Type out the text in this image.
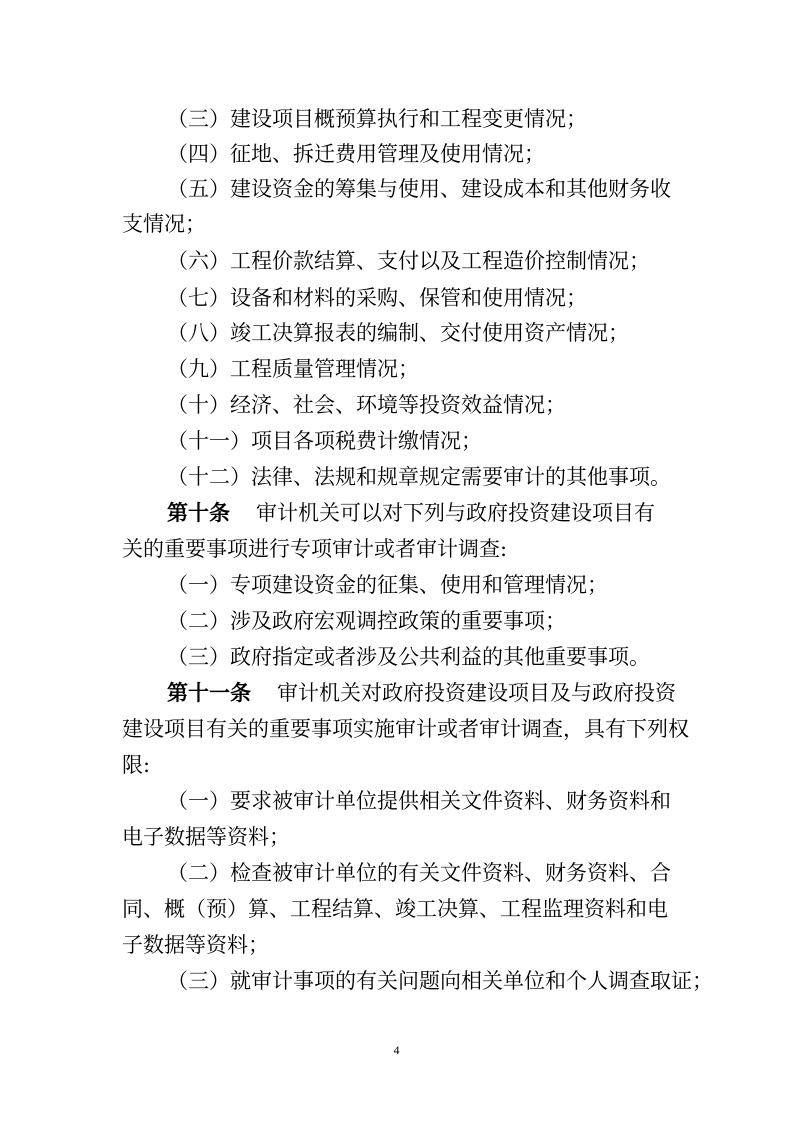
（三）建设项目概预算执行和工程变更情况；
（四）征地、拆迁费用管理及使用情况；
（五）建设资金的筹集与使用、建设成本和其他财务收
支情况；
（六）工程价款结算、支付以及工程造价控制情况；
（七）设备和材料的采购、保管和使用情况；
（八）竣工决算报表的编制、交付使用资产情况；
（九）工程质量管理情况；
（十）经济、社会、环境等投资效益情况；
（十一）项目各项税费计缴情况；
（十二）法律、法规和规章规定需要审计的其他事项。
第十条 审计机关可以对下列与政府投资建设项目有
关的重要事项进行专项审计或者审计调查:
（一）专项建设资金的征集、使用和管理情况；
（二）涉及政府宏观调控政策的重要事项；
（三）政府指定或者涉及公共利益的其他重要事项。
第十一条 审计机关对政府投资建设项目及与政府投资
建设项目有关的重要事项实施审计或者审计调查，具有下列权
限:
（一）要求被审计单位提供相关文件资料、财务资料和
电子数据等资料；
（二）检查被审计单位的有关文件资料、财务资料、合
同、概（预）算、工程结算、竣工决算、工程监理资料和电
子数据等资料；
（三）就审计事项的有关问题向相关单位和个人调查取证；
4
